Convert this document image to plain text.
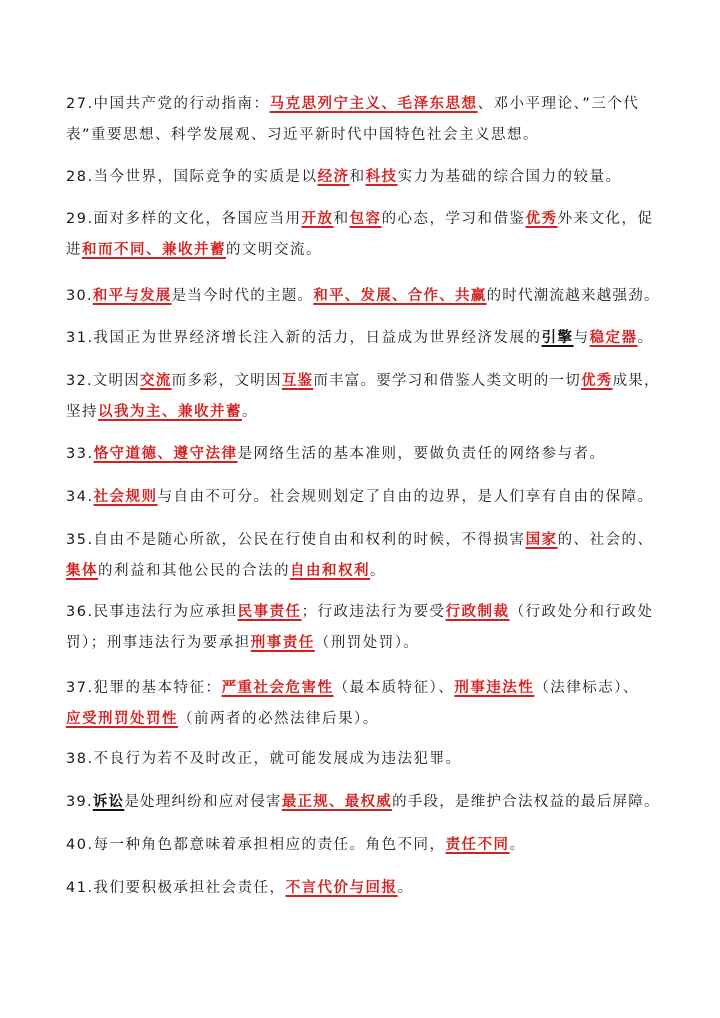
27.中国共产党的行动指南：马克思列宁主义、毛泽东思想、邓小平理论、”三个代
表”重要思想、科学发展观、习近平新时代中国特色社会主义思想。
28.当今世界，国际竞争的实质是以经济和科技实力为基础的综合国力的较量。
29.面对多样的文化，各国应当用开放和包容的心态，学习和借鉴优秀外来文化，促
进和而不同、兼收并蓄的文明交流。
30.和平与发展是当今时代的主题。和平、发展、合作、共赢的时代潮流越来越强劲。
31.我国正为世界经济增长注入新的活力，日益成为世界经济发展的引擎与稳定器。
32.文明因交流而多彩，文明因互鉴而丰富。要学习和借鉴人类文明的一切优秀成果，
坚持以我为主、兼收并蓄。
33.恪守道德、遵守法律是网络生活的基本准则，要做负责任的网络参与者。
34.社会规则与自由不可分。社会规则划定了自由的边界，是人们享有自由的保障。
35.自由不是随心所欲，公民在行使自由和权利的时候，不得损害国家的、社会的、
集体的利益和其他公民的合法的自由和权利。
36.民事违法行为应承担民事责任；行政违法行为要受行政制裁（行政处分和行政处
罚）；刑事违法行为要承担刑事责任（刑罚处罚）。
37.犯罪的基本特征：严重社会危害性（最本质特征）、刑事违法性（法律标志）、
应受刑罚处罚性（前两者的必然法律后果）。
38.不良行为若不及时改正，就可能发展成为违法犯罪。
39.诉讼是处理纠纷和应对侵害最正规、最权威的手段，是维护合法权益的最后屏障。
40.每一种角色都意味着承担相应的责任。角色不同，责任不同。
41.我们要积极承担社会责任，不言代价与回报。
